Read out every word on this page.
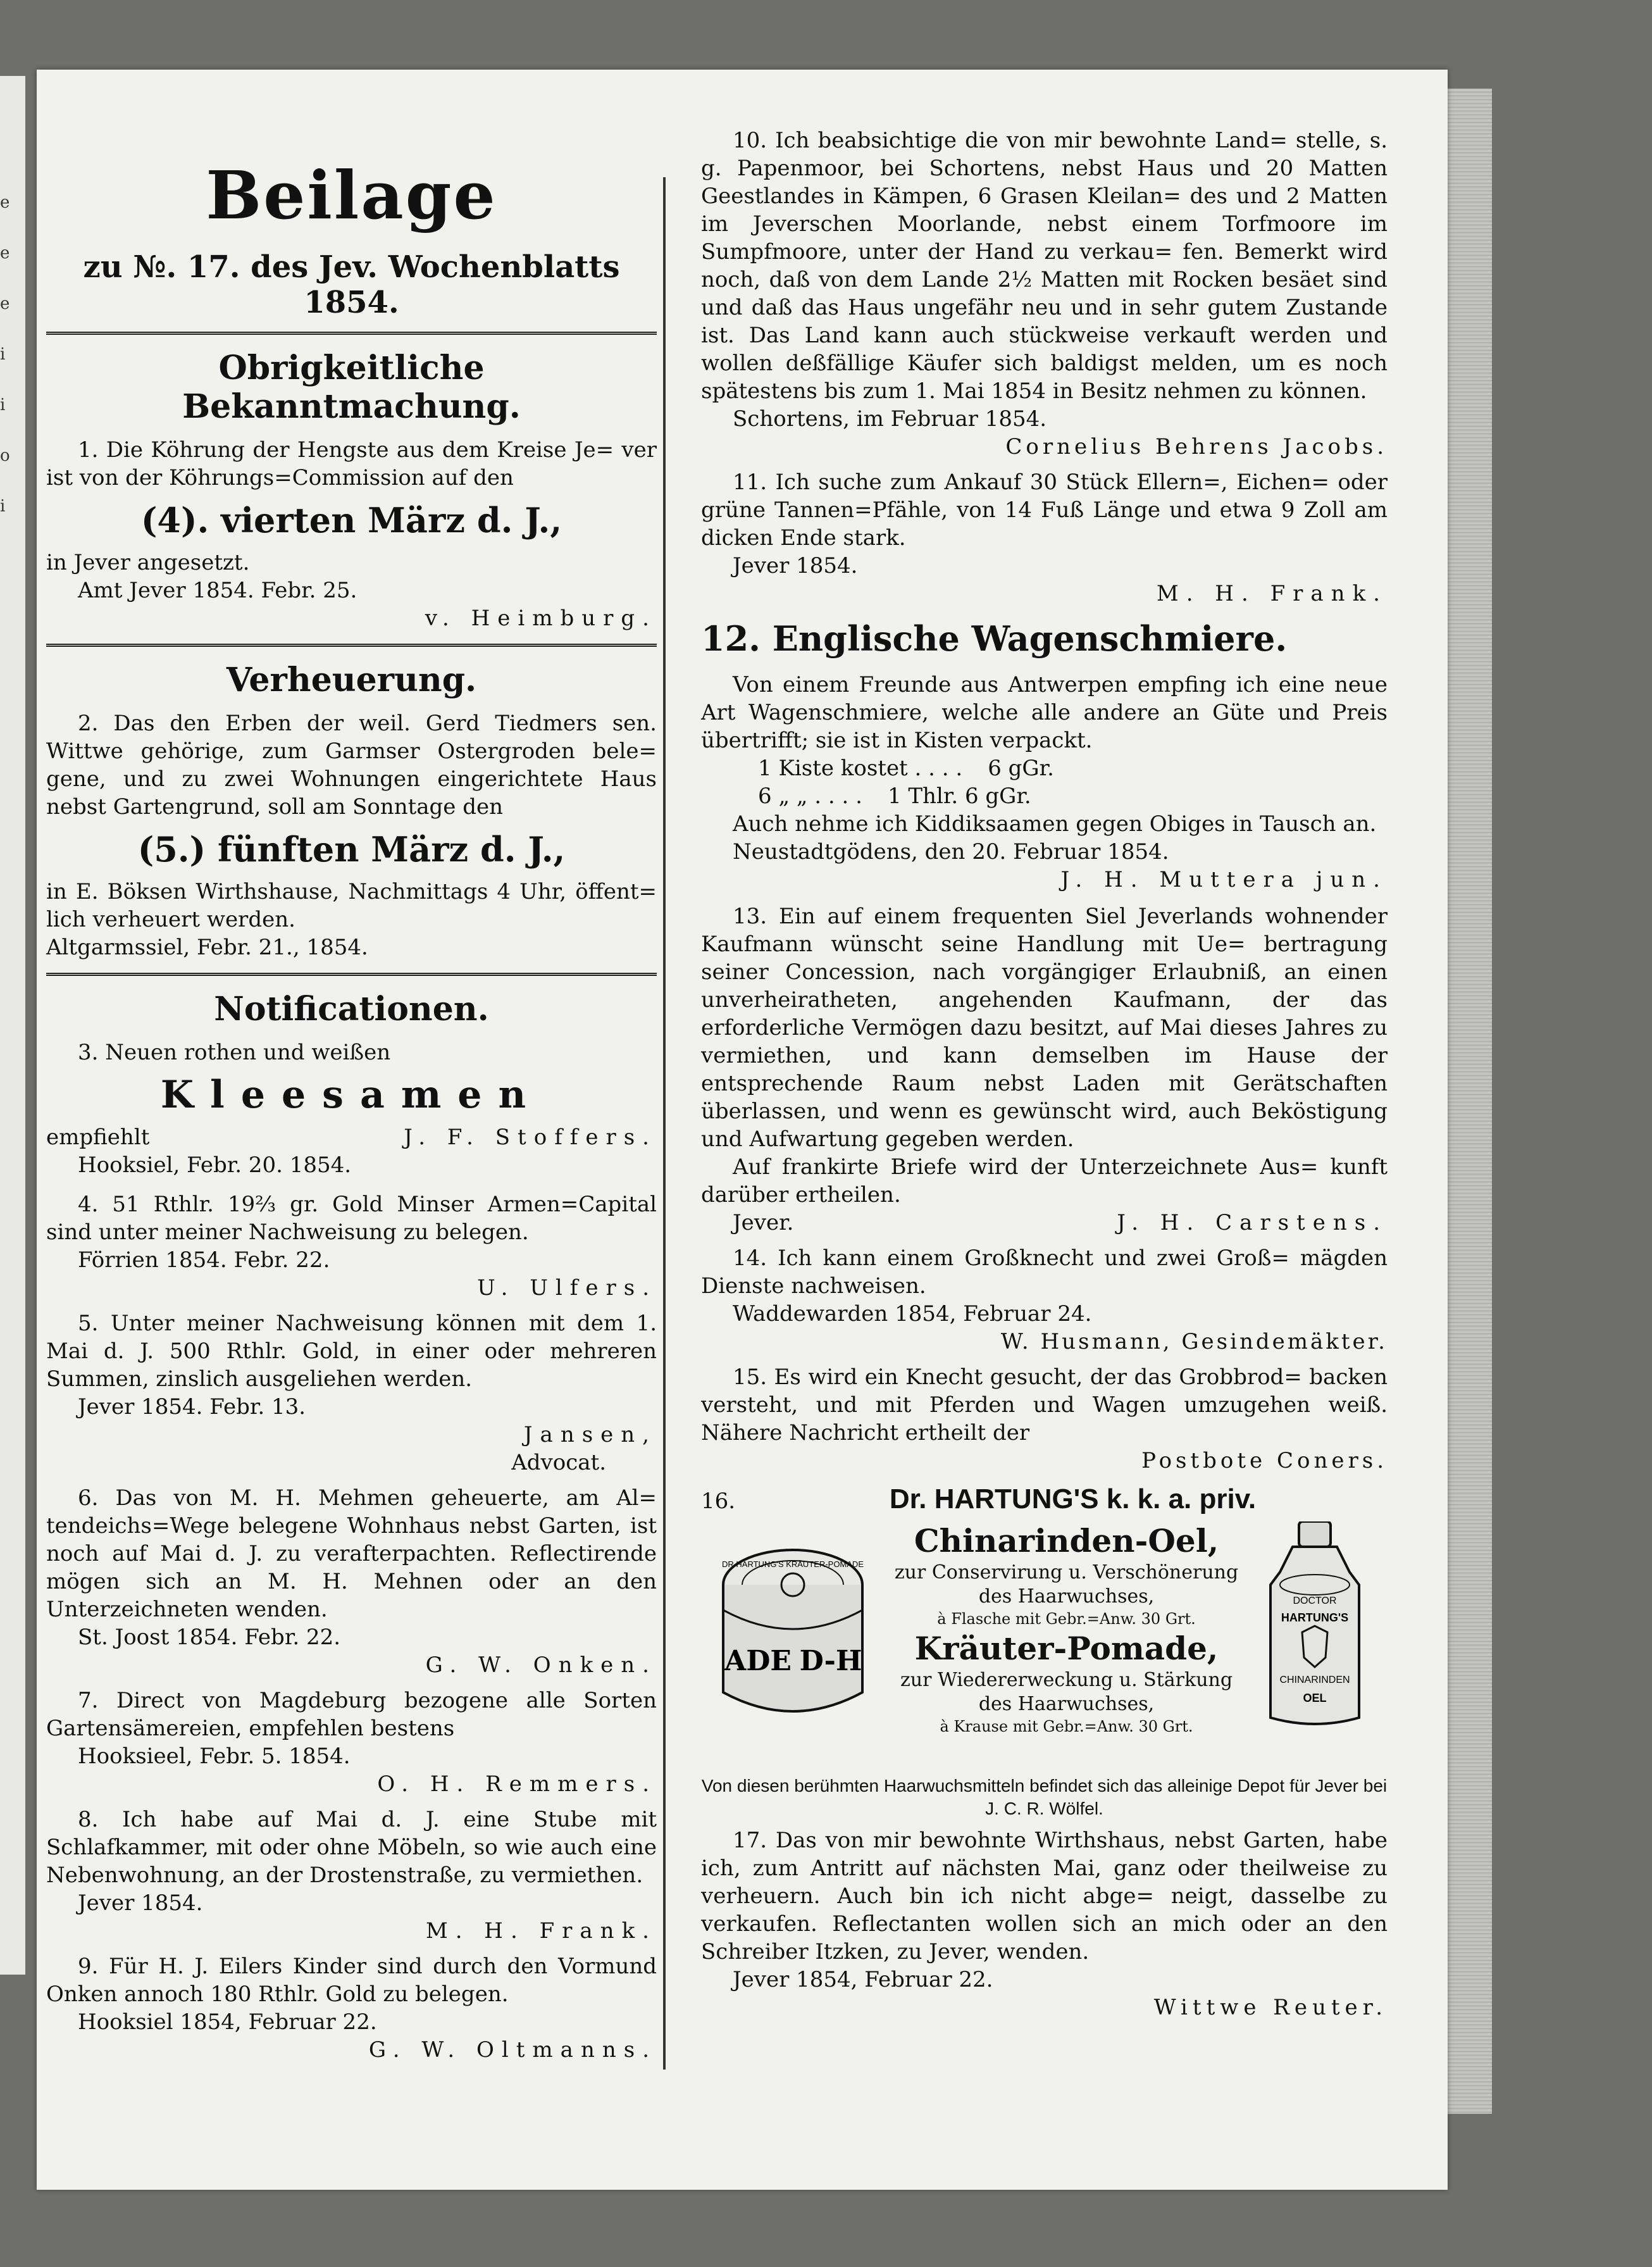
e
e
e
i
i
o
i
Beilage
zu №. 17. des Jev. Wochenblatts 1854.
Obrigkeitliche Bekanntmachung.

1. Die Köhrung der Hengste aus dem Kreise Je= ver ist von der Köhrungs=Commission auf den

(4). vierten März d. J.,

in Jever angesetzt.

Amt Jever 1854. Febr. 25.

v. Heimburg.

Verheuerung.

2. Das den Erben der weil. Gerd Tiedmers sen. Wittwe gehörige, zum Garmser Ostergroden bele= gene, und zu zwei Wohnungen eingerichtete Haus nebst Gartengrund, soll am Sonntage den

(5.) fünften März d. J.,

in E. Böksen Wirthshause, Nachmittags 4 Uhr, öffent= lich verheuert werden.

Altgarmssiel, Febr. 21., 1854.

Notificationen.

3. Neuen rothen und weißen

Kleesamen
empfiehlt	J. F. Stoffers.

Hooksiel, Febr. 20. 1854.

4. 51 Rthlr. 19⅔ gr. Gold Minser Armen=Capital sind unter meiner Nachweisung zu belegen.

Förrien 1854. Febr. 22.

U. Ulfers.

5. Unter meiner Nachweisung können mit dem 1. Mai d. J. 500 Rthlr. Gold, in einer oder mehreren Summen, zinslich ausgeliehen werden.

Jever 1854. Febr. 13.

Jansen,

Advocat.

6. Das von M. H. Mehmen geheuerte, am Al= tendeichs=Wege belegene Wohnhaus nebst Garten, ist noch auf Mai d. J. zu verafterpachten. Reflectirende mögen sich an M. H. Mehnen oder an den Unterzeichneten wenden.

St. Joost 1854. Febr. 22.

G. W. Onken.

7. Direct von Magdeburg bezogene alle Sorten Gartensämereien, empfehlen bestens

Hooksieel, Febr. 5. 1854.

O. H. Remmers.

8. Ich habe auf Mai d. J. eine Stube mit Schlafkammer, mit oder ohne Möbeln, so wie auch eine Nebenwohnung, an der Drostenstraße, zu vermiethen.

Jever 1854.

M. H. Frank.

9. Für H. J. Eilers Kinder sind durch den Vormund Onken annoch 180 Rthlr. Gold zu belegen.

Hooksiel 1854, Februar 22.

G. W. Oltmanns.

10. Ich beabsichtige die von mir bewohnte Land= stelle, s. g. Papenmoor, bei Schortens, nebst Haus und 20 Matten Geestlandes in Kämpen, 6 Grasen Kleilan= des und 2 Matten im Jeverschen Moorlande, nebst einem Torfmoore im Sumpfmoore, unter der Hand zu verkau= fen. Bemerkt wird noch, daß von dem Lande 2½ Matten mit Rocken besäet sind und daß das Haus ungefähr neu und in sehr gutem Zustande ist. Das Land kann auch stückweise verkauft werden und wollen deßfällige Käufer sich baldigst melden, um es noch spätestens bis zum 1. Mai 1854 in Besitz nehmen zu können.

Schortens, im Februar 1854.

Cornelius Behrens Jacobs.

11. Ich suche zum Ankauf 30 Stück Ellern=, Eichen= oder grüne Tannen=Pfähle, von 14 Fuß Länge und etwa 9 Zoll am dicken Ende stark.

Jever 1854.

M. H. Frank.

12. Englische Wagenschmiere.

Von einem Freunde aus Antwerpen empfing ich eine neue Art Wagenschmiere, welche alle andere an Güte und Preis übertrifft; sie ist in Kisten verpackt.

1 Kiste kostet . . . . 6 gGr.
6 „ „ . . . . 1 Thlr. 6 gGr.

Auch nehme ich Kiddiksaamen gegen Obiges in Tausch an.

Neustadtgödens, den 20. Februar 1854.

J. H. Muttera jun.

13. Ein auf einem frequenten Siel Jeverlands wohnender Kaufmann wünscht seine Handlung mit Ue= bertragung seiner Concession, nach vorgängiger Erlaubniß, an einen unverheiratheten, angehenden Kaufmann, der das erforderliche Vermögen dazu besitzt, auf Mai dieses Jahres zu vermiethen, und kann demselben im Hause der entsprechende Raum nebst Laden mit Gerätschaften überlassen, und wenn es gewünscht wird, auch Beköstigung und Aufwartung gegeben werden.

Auf frankirte Briefe wird der Unterzeichnete Aus= kunft darüber ertheilen.

Jever.	J. H. Carstens.

14. Ich kann einem Großknecht und zwei Groß= mägden Dienste nachweisen.

Waddewarden 1854, Februar 24.

W. Husmann, Gesindemäkter.

15. Es wird ein Knecht gesucht, der das Grobbrod= backen versteht, und mit Pferden und Wagen umzugehen weiß. Nähere Nachricht ertheilt der

Postbote Coners.

16.	Dr. HARTUNG'S k. k. a. priv.
DR HARTUNG'S KRÄUTER-POMADE
ADE D-H
Chinarinden-Oel,
zur Conservirung u. Verschönerung des Haarwuchses,
à Flasche mit Gebr.=Anw. 30 Grt.
Kräuter-Pomade,
zur Wiedererweckung u. Stärkung des Haarwuchses,
à Krause mit Gebr.=Anw. 30 Grt.
DOCTOR
HARTUNG'S
CHINARINDEN
OEL

Von diesen berühmten Haarwuchsmitteln befindet sich das alleinige Depot für Jever bei J. C. R. Wölfel.

17. Das von mir bewohnte Wirthshaus, nebst Garten, habe ich, zum Antritt auf nächsten Mai, ganz oder theilweise zu verheuern. Auch bin ich nicht abge= neigt, dasselbe zu verkaufen. Reflectanten wollen sich an mich oder an den Schreiber Itzken, zu Jever, wenden.

Jever 1854, Februar 22.

Wittwe Reuter.
